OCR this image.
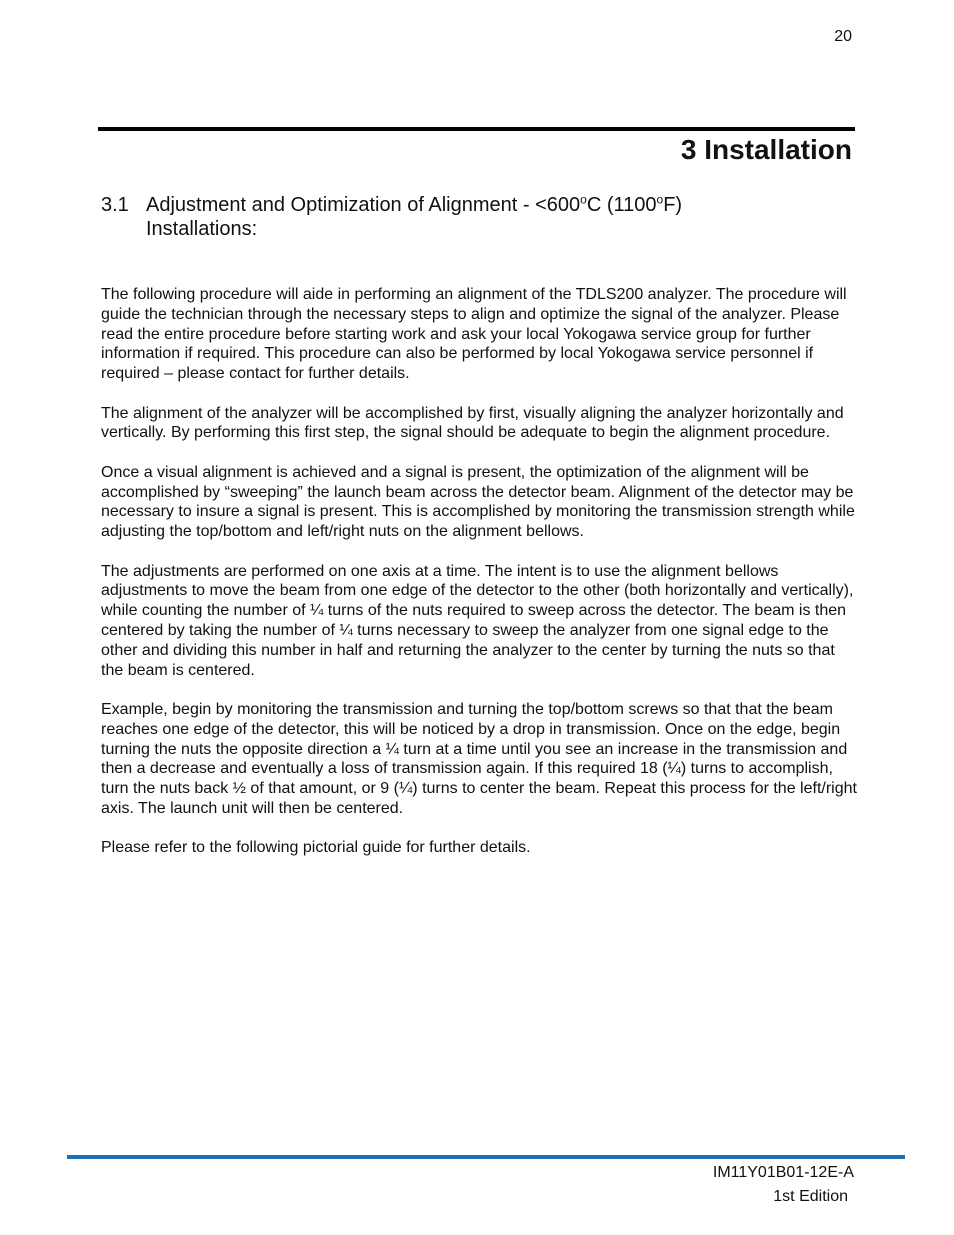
20
3 Installation
3.1 Adjustment and Optimization of Alignment - $<600^oC$ (1100$^o$F)
Installations:

The following procedure will aide in performing an alignment of the TDLS200 analyzer. The procedure will guide the technician through the necessary steps to align and optimize the signal of the analyzer. Please read the entire procedure before starting work and ask your local Yokogawa service group for further information if required. This procedure can also be performed by local Yokogawa service personnel if required – please contact for further details.

The alignment of the analyzer will be accomplished by first, visually aligning the analyzer horizontally and vertically. By performing this first step, the signal should be adequate to begin the alignment procedure.

Once a visual alignment is achieved and a signal is present, the optimization of the alignment will be accomplished by “sweeping” the launch beam across the detector beam. Alignment of the detector may be necessary to insure a signal is present. This is accomplished by monitoring the transmission strength while adjusting the top/bottom and left/right nuts on the alignment bellows.

The adjustments are performed on one axis at a time. The intent is to use the alignment bellows adjustments to move the beam from one edge of the detector to the other (both horizontally and vertically), while counting the number of ¼ turns of the nuts required to sweep across the detector. The beam is then centered by taking the number of ¼ turns necessary to sweep the analyzer from one signal edge to the other and dividing this number in half and returning the analyzer to the center by turning the nuts so that the beam is centered.

Example, begin by monitoring the transmission and turning the top/bottom screws so that that the beam reaches one edge of the detector, this will be noticed by a drop in transmission. Once on the edge, begin turning the nuts the opposite direction a ¼ turn at a time until you see an increase in the transmission and then a decrease and eventually a loss of transmission again. If this required 18 (¼) turns to accomplish, turn the nuts back ½ of that amount, or 9 (¼) turns to center the beam. Repeat this process for the left/right axis. The launch unit will then be centered.

Please refer to the following pictorial guide for further details.

IM11Y01B01-12E-A
1st Edition
